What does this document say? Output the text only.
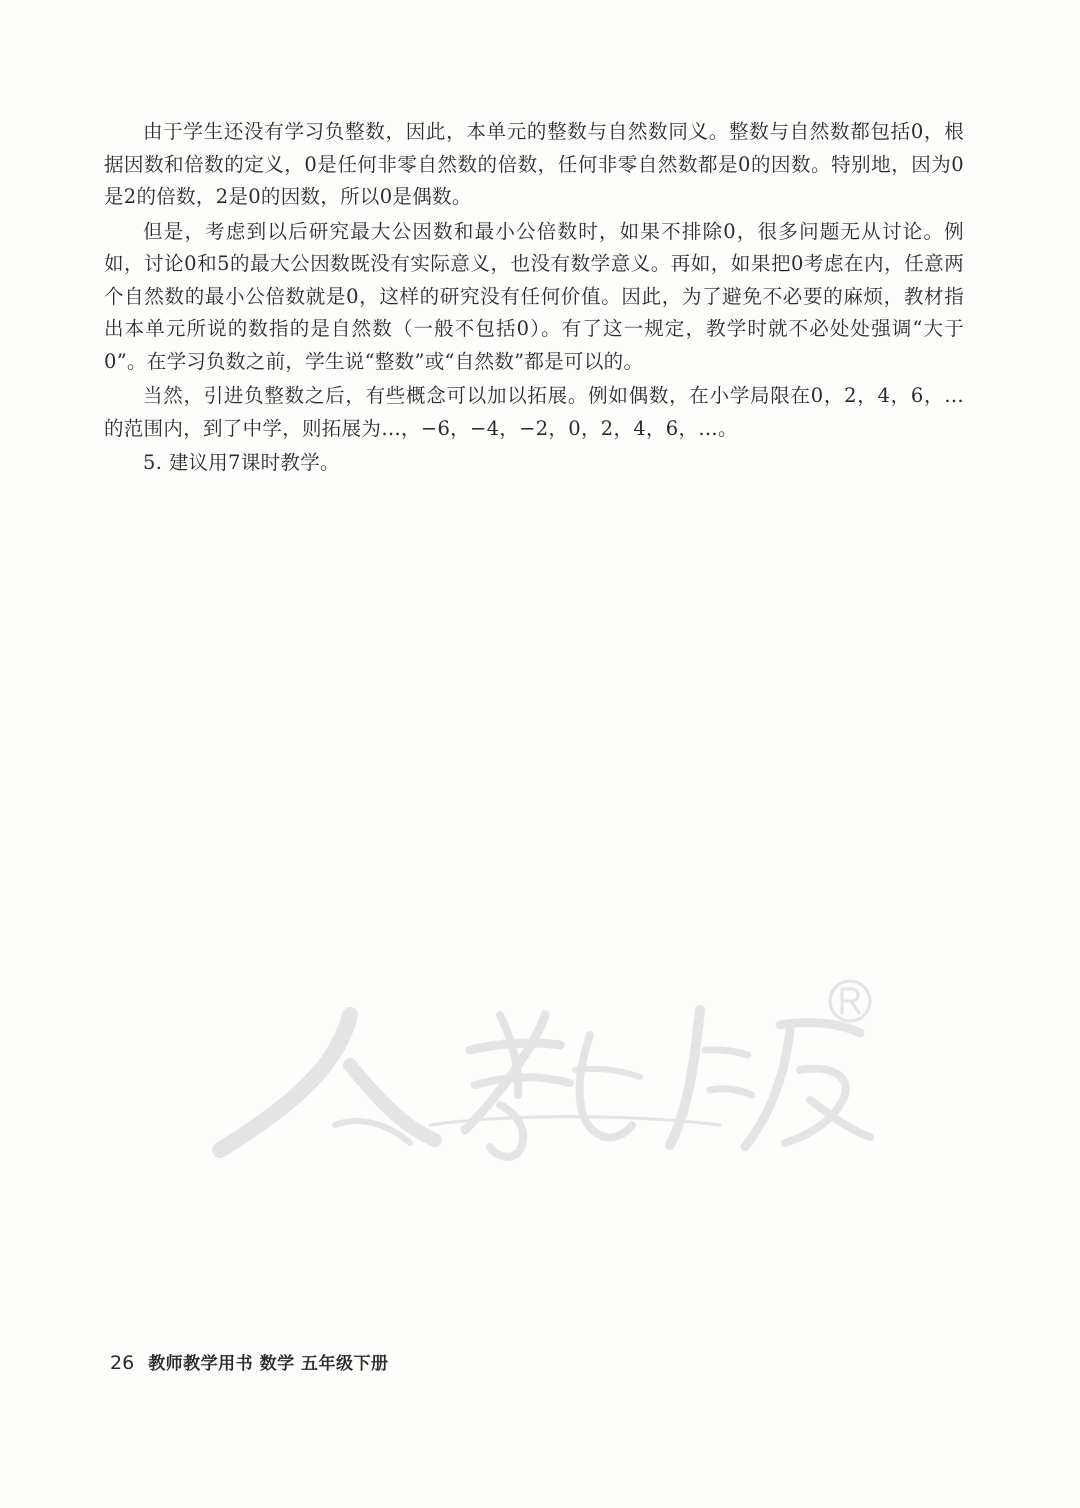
由于学生还没有学习负整数，因此，本单元的整数与自然数同义。整数与自然数都包括0，根据因数和倍数的定义，0是任何非零自然数的倍数，任何非零自然数都是0的因数。特别地，因为0是2的倍数，2是0的因数，所以0是偶数。

但是，考虑到以后研究最大公因数和最小公倍数时，如果不排除0，很多问题无从讨论。例如，讨论0和5的最大公因数既没有实际意义，也没有数学意义。再如，如果把0考虑在内，任意两个自然数的最小公倍数就是0，这样的研究没有任何价值。因此，为了避免不必要的麻烦，教材指出本单元所说的数指的是自然数（一般不包括0）。有了这一规定，教学时就不必处处强调“大于0”。在学习负数之前，学生说“整数”或“自然数”都是可以的。

当然，引进负整数之后，有些概念可以加以拓展。例如偶数，在小学局限在0，2，4，6，…的范围内，到了中学，则拓展为…，−6，−4，−2，0，2，4，6，…。

5. 建议用7课时教学。

26 教师教学用书 数学 五年级下册
